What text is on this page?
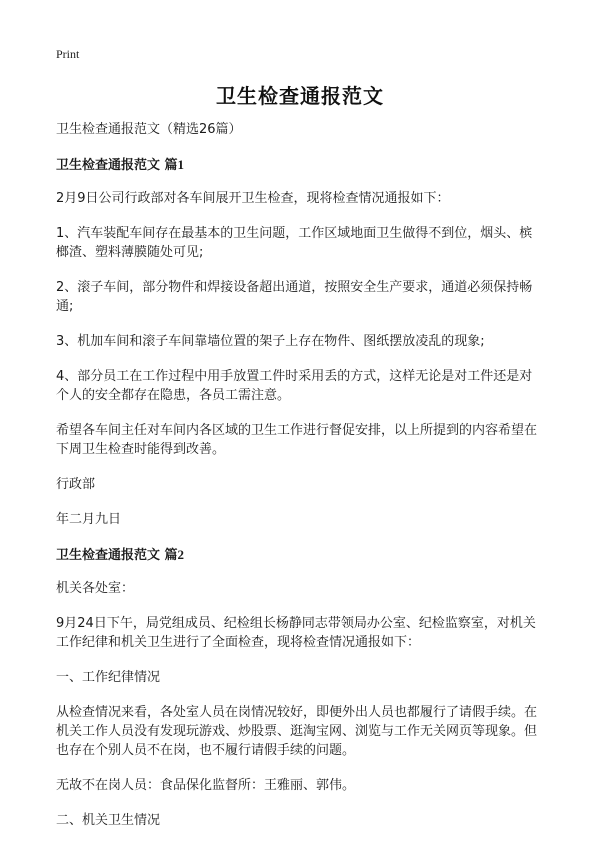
Print
卫生检查通报范文

卫生检查通报范文（精选26篇）

卫生检查通报范文 篇1

2月9日公司行政部对各车间展开卫生检查，现将检查情况通报如下：

1、汽车装配车间存在最基本的卫生问题，工作区域地面卫生做得不到位，烟头、槟榔渣、塑料薄膜随处可见;

2、滚子车间，部分物件和焊接设备超出通道，按照安全生产要求，通道必须保持畅通;

3、机加车间和滚子车间靠墙位置的架子上存在物件、图纸摆放凌乱的现象;

4、部分员工在工作过程中用手放置工件时采用丢的方式，这样无论是对工件还是对个人的安全都存在隐患，各员工需注意。

希望各车间主任对车间内各区域的卫生工作进行督促安排，以上所提到的内容希望在下周卫生检查时能得到改善。

行政部

年二月九日

卫生检查通报范文 篇2

机关各处室：

9月24日下午，局党组成员、纪检组长杨静同志带领局办公室、纪检监察室，对机关工作纪律和机关卫生进行了全面检查，现将检查情况通报如下：

一、工作纪律情况

从检查情况来看，各处室人员在岗情况较好，即便外出人员也都履行了请假手续。在机关工作人员没有发现玩游戏、炒股票、逛淘宝网、浏览与工作无关网页等现象。但也存在个别人员不在岗，也不履行请假手续的问题。

无故不在岗人员：食品保化监督所：王雅丽、郭伟。

二、机关卫生情况
